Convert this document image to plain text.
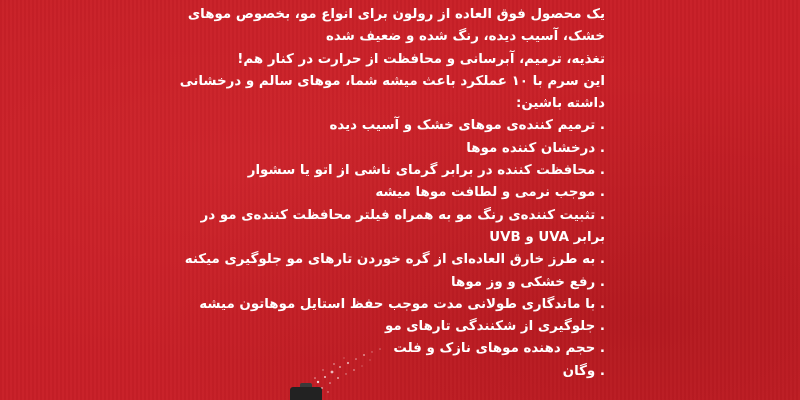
یک محصول فوق العاده از رولون برای انواع مو، بخصوص موهای
خشک، آسیب دیده، رنگ شده و ضعیف شده
تغذیه، ترمیم، آبرسانی و محافظت از حرارت در کنار هم!
این سرم با ۱۰ عملکرد باعث میشه شما، موهای سالم و درخشانی
داشته باشین:
. ترمیم کننده‌ی موهای خشک و آسیب دیده
. درخشان کننده موها
. محافظت کننده در برابر گرمای ناشی از اتو یا سشوار
. موجب نرمی و لطافت موها میشه
. تثبیت کننده‌ی رنگ مو به همراه فیلتر محافظت کننده‌ی مو در
برابر UVA و UVB
. به طرز خارق العاده‌ای از گره خوردن تارهای مو جلوگیری میکنه
. رفع خشکی و وز موها
. با ماندگاری طولانی مدت موجب حفظ استایل موهاتون میشه
. جلوگیری از شکنندگی تارهای مو
. حجم دهنده موهای نازک و فلت
. وگان
